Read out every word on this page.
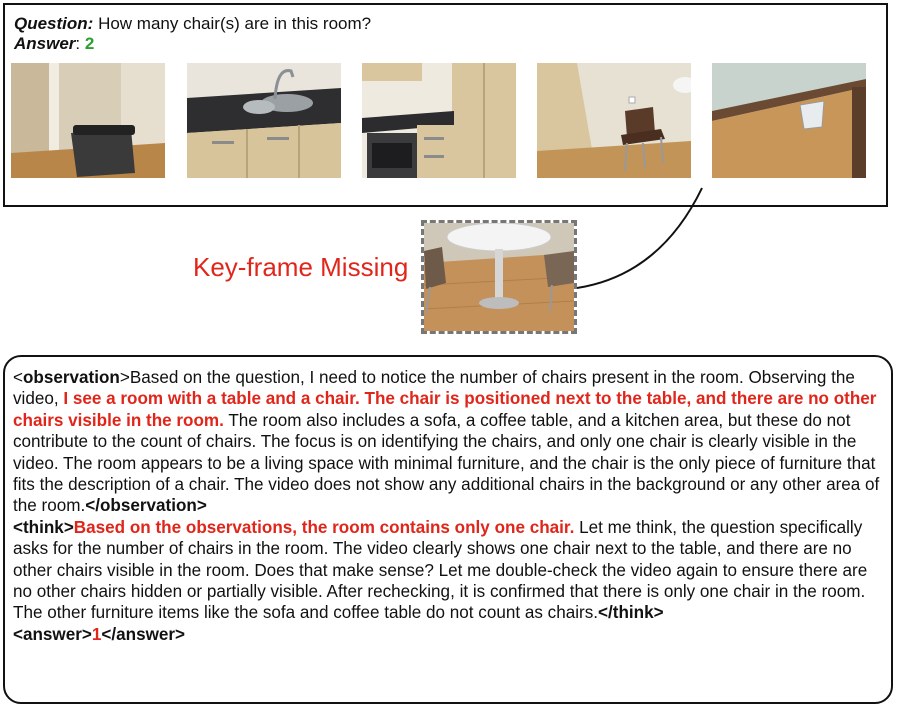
Question: How many chair(s) are in this room?
Answer: 2
Key-frame Missing

<observation>Based on the question, I need to notice the number of chairs present in the room. Observing the video, I see a room with a table and a chair. The chair is positioned next to the table, and there are no other chairs visible in the room. The room also includes a sofa, a coffee table, and a kitchen area, but these do not contribute to the count of chairs. The focus is on identifying the chairs, and only one chair is clearly visible in the video. The room appears to be a living space with minimal furniture, and the chair is the only piece of furniture that fits the description of a chair. The video does not show any additional chairs in the background or any other area of the room.</observation>

<think>Based on the observations, the room contains only one chair. Let me think, the question specifically asks for the number of chairs in the room. The video clearly shows one chair next to the table, and there are no other chairs visible in the room. Does that make sense? Let me double-check the video again to ensure there are no other chairs hidden or partially visible. After rechecking, it is confirmed that there is only one chair in the room. The other furniture items like the sofa and coffee table do not count as chairs.</think>

<answer>1</answer>
